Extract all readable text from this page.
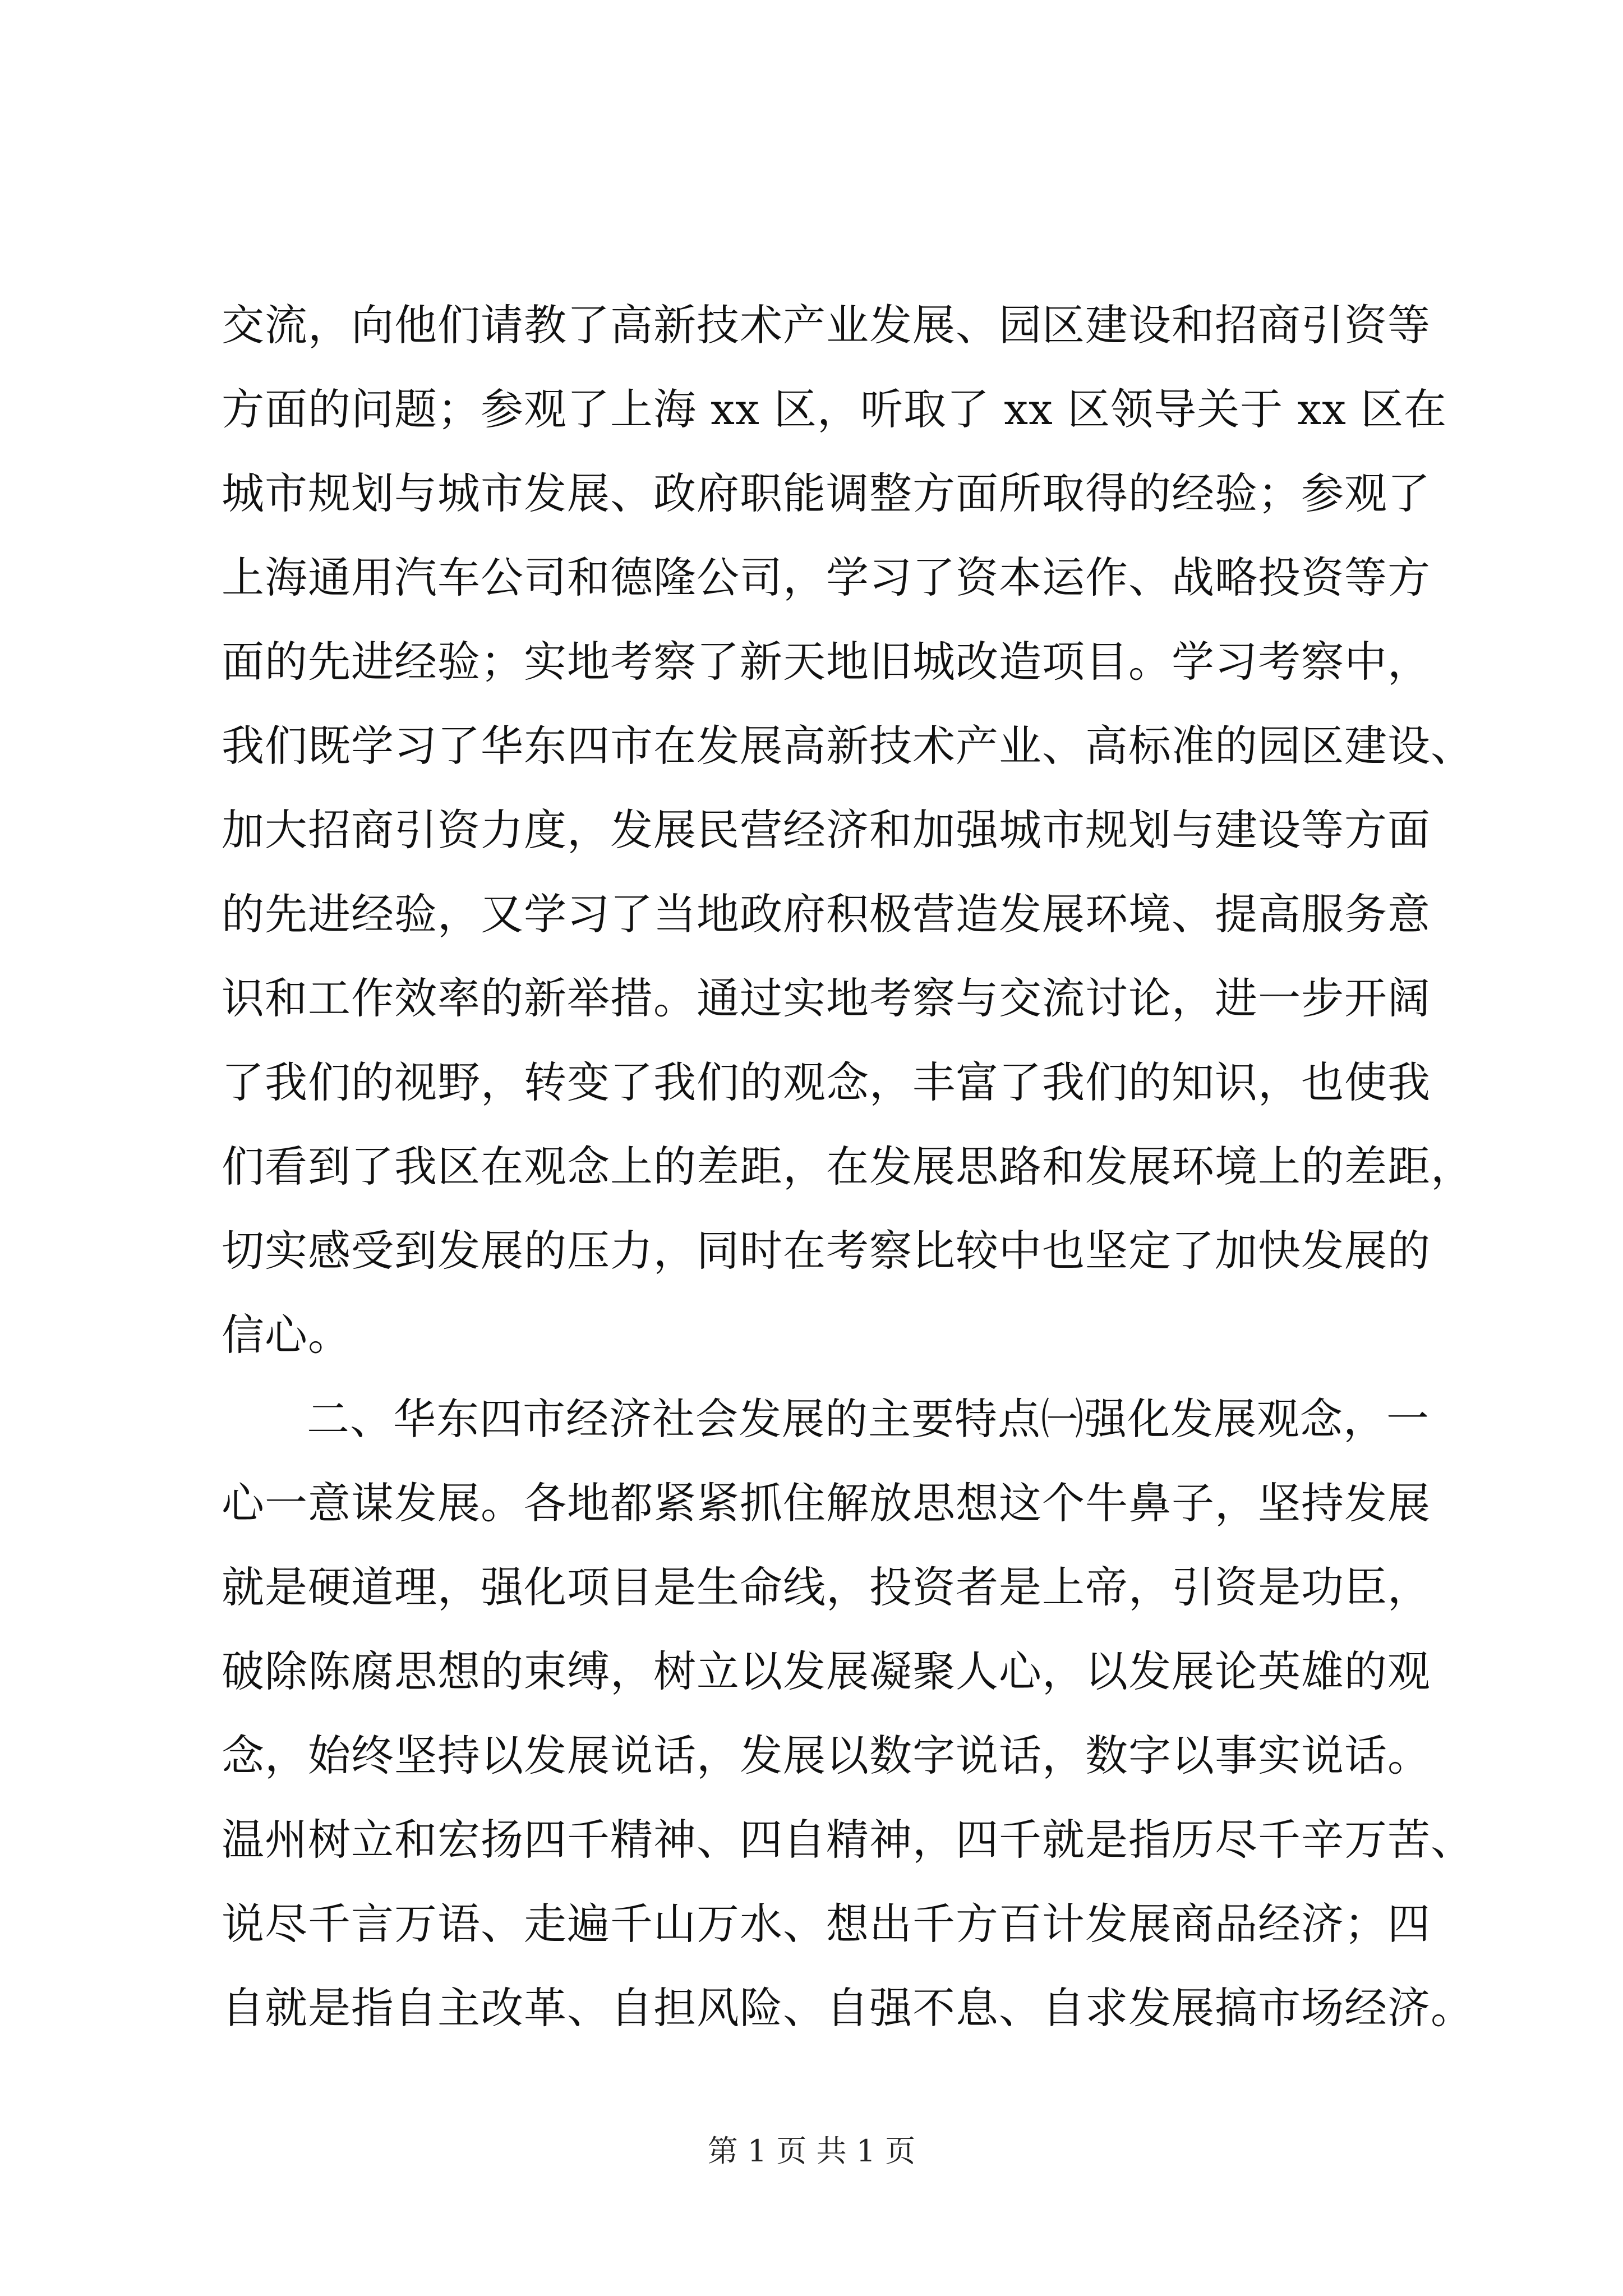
交流，向他们请教了高新技术产业发展、园区建设和招商引资等
方面的问题；参观了上海 xx 区，听取了 xx 区领导关于 xx 区在
城市规划与城市发展、政府职能调整方面所取得的经验；参观了
上海通用汽车公司和德隆公司，学习了资本运作、战略投资等方
面的先进经验；实地考察了新天地旧城改造项目。学习考察中，
我们既学习了华东四市在发展高新技术产业、高标准的园区建设、
加大招商引资力度，发展民营经济和加强城市规划与建设等方面
的先进经验，又学习了当地政府积极营造发展环境、提高服务意
识和工作效率的新举措。通过实地考察与交流讨论，进一步开阔
了我们的视野，转变了我们的观念，丰富了我们的知识，也使我
们看到了我区在观念上的差距，在发展思路和发展环境上的差距，
切实感受到发展的压力，同时在考察比较中也坚定了加快发展的
信心。
二、华东四市经济社会发展的主要特点㈠强化发展观念，一
心一意谋发展。各地都紧紧抓住解放思想这个牛鼻子，坚持发展
就是硬道理，强化项目是生命线，投资者是上帝，引资是功臣，
破除陈腐思想的束缚，树立以发展凝聚人心，以发展论英雄的观
念，始终坚持以发展说话，发展以数字说话，数字以事实说话。
温州树立和宏扬四千精神、四自精神，四千就是指历尽千辛万苦、
说尽千言万语、走遍千山万水、想出千方百计发展商品经济；四
自就是指自主改革、自担风险、自强不息、自求发展搞市场经济。
第 1 页 共 1 页
